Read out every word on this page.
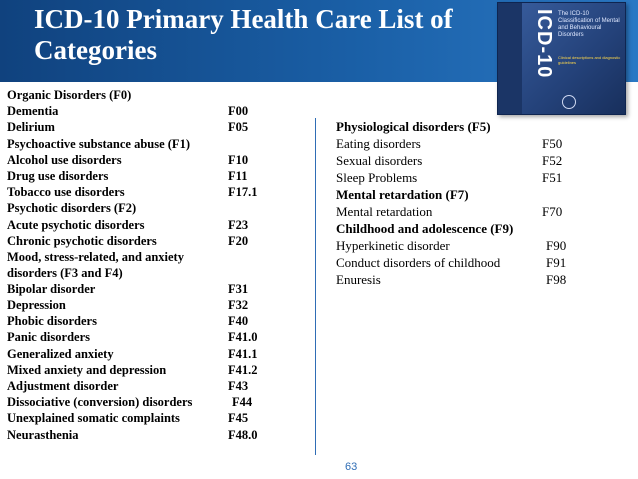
ICD-10 Primary Health Care List of Categories	ICD-10 The ICD-10 Classification of Mental and Behavioural Disorders
Clinical descriptions and diagnostic guidelines
Organic Disorders (F0)
Dementia	F00
Delirium	F05
Psychoactive substance abuse (F1)
Alcohol use disorders	F10
Drug use disorders	F11
Tobacco use disorders	F17.1
Psychotic disorders (F2)
Acute psychotic disorders	F23
Chronic psychotic disorders	F20
Mood, stress-related, and anxiety disorders (F3 and F4)
Bipolar disorder	F31
Depression	F32
Phobic disorders	F40
Panic disorders	F41.0
Generalized anxiety	F41.1
Mixed anxiety and depression	F41.2
Adjustment disorder	F43
Dissociative (conversion) disorders	F44
Unexplained somatic complaints	F45
Neurasthenia	F48.0
Physiological disorders (F5)
Eating disorders	F50
Sexual disorders	F52
Sleep Problems	F51
Mental retardation (F7)
Mental retardation	F70
Childhood and adolescence (F9)
Hyperkinetic disorder	F90
Conduct disorders of childhood	F91
Enuresis	F98
63
